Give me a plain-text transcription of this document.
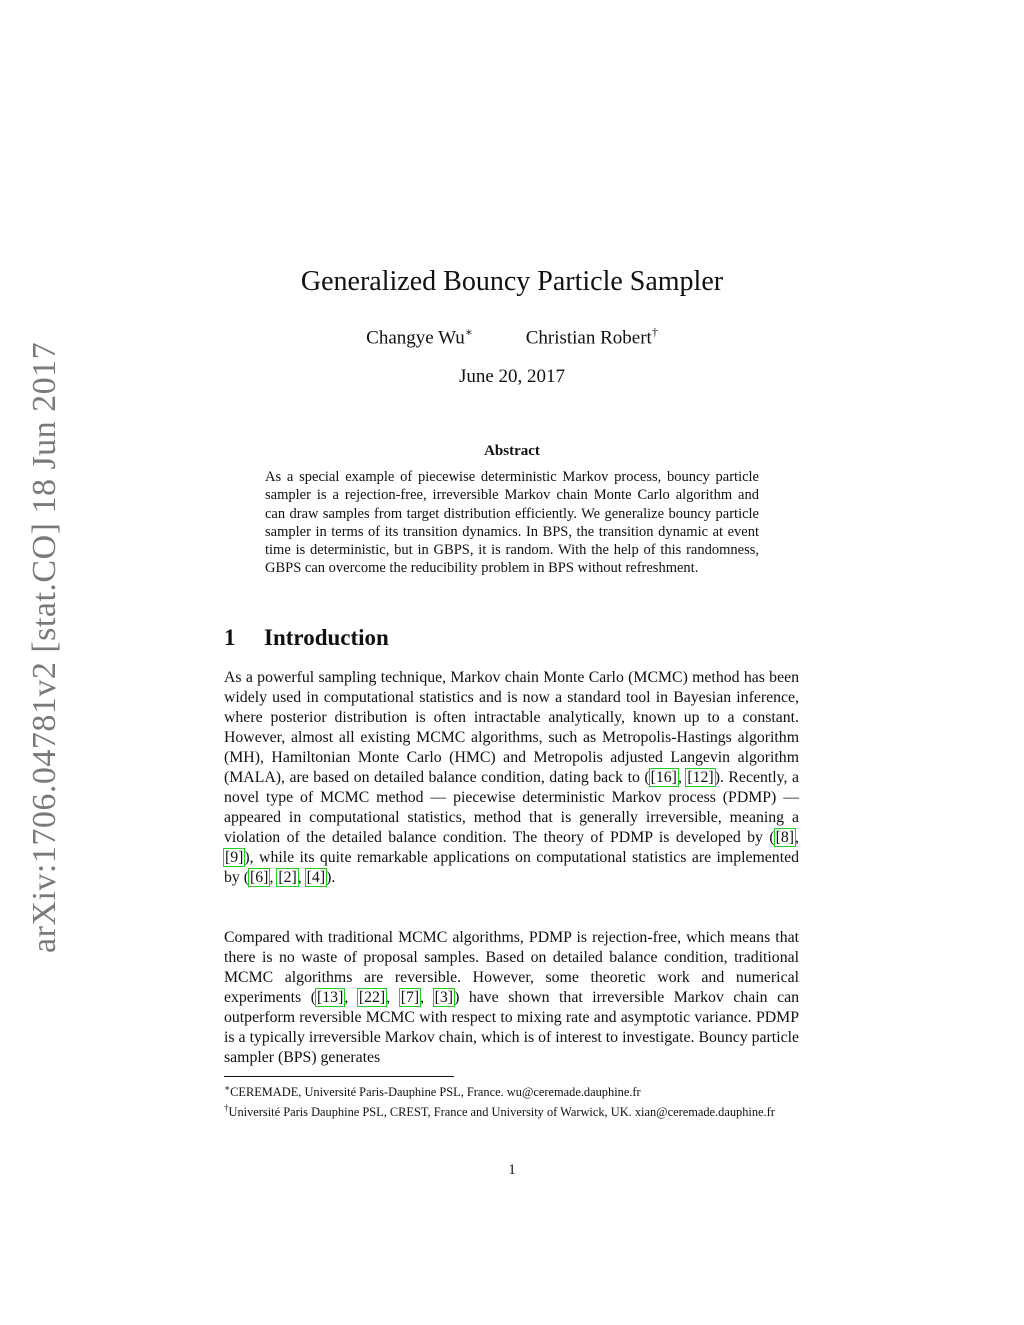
arXiv:1706.04781v2 [stat.CO] 18 Jun 2017
Generalized Bouncy Particle Sampler
Changye Wu∗	Christian Robert†
June 20, 2017
Abstract
As a special example of piecewise deterministic Markov process, bouncy particle sampler is a rejection-free, irreversible Markov chain Monte Carlo algorithm and can draw samples from target distribution efficiently. We generalize bouncy particle sampler in terms of its transition dynamics. In BPS, the transition dynamic at event time is deterministic, but in GBPS, it is random. With the help of this randomness, GBPS can overcome the reducibility problem in BPS without refreshment.
1 Introduction
As a powerful sampling technique, Markov chain Monte Carlo (MCMC) method has been widely used in computational statistics and is now a standard tool in Bayesian inference, where posterior distribution is often intractable analytically, known up to a constant. However, almost all existing MCMC algorithms, such as Metropolis-Hastings algorithm (MH), Hamiltonian Monte Carlo (HMC) and Metropolis adjusted Langevin algorithm (MALA), are based on detailed balance condition, dating back to ([16], [12]). Recently, a novel type of MCMC method — piecewise deterministic Markov process (PDMP) — appeared in computational statistics, method that is generally irreversible, meaning a violation of the detailed balance condition. The theory of PDMP is developed by ([8], [9]), while its quite remarkable applications on computational statistics are implemented by ([6], [2], [4]).
Compared with traditional MCMC algorithms, PDMP is rejection-free, which means that there is no waste of proposal samples. Based on detailed balance condition, traditional MCMC algorithms are reversible. However, some theoretic work and numerical experiments ([13], [22], [7], [3]) have shown that irreversible Markov chain can outperform reversible MCMC with respect to mixing rate and asymptotic variance. PDMP is a typically irreversible Markov chain, which is of interest to investigate. Bouncy particle sampler (BPS) generates

∗CEREMADE, Université Paris-Dauphine PSL, France. wu@ceremade.dauphine.fr

†Université Paris Dauphine PSL, CREST, France and University of Warwick, UK. xian@ceremade.dauphine.fr

1
